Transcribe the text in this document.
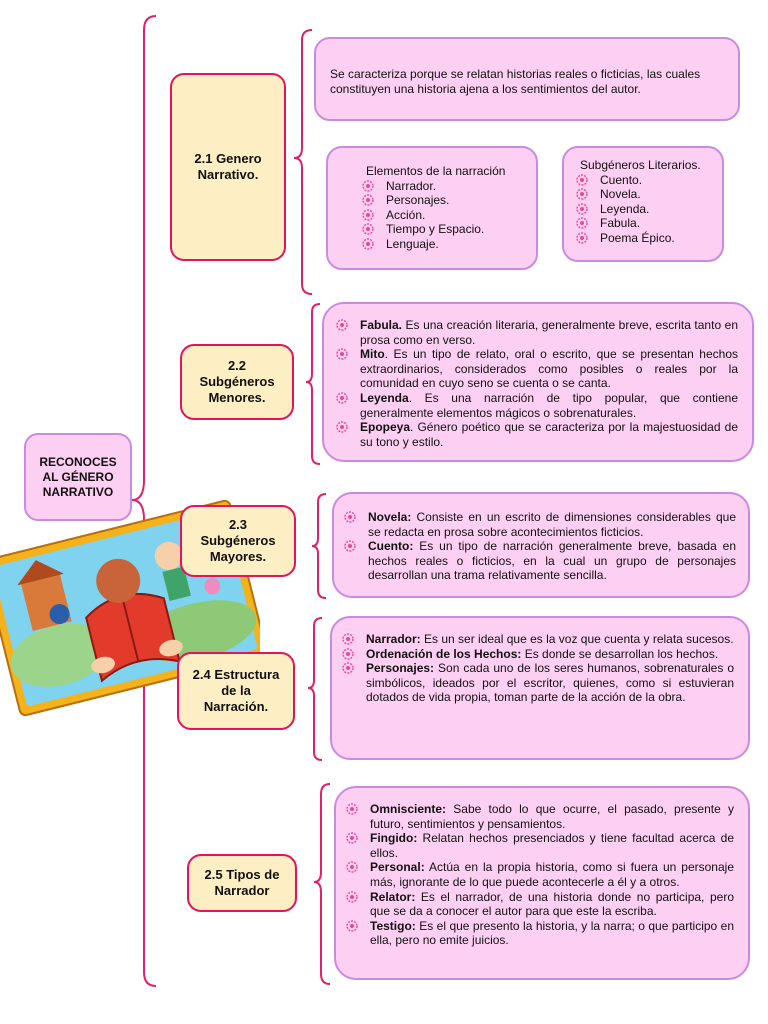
RECONOCES
AL GÉNERO
NARRATIVO
2.1 Genero Narrativo.
Se caracteriza porque se relatan historias reales o ficticias, las cuales constituyen una historia ajena a los sentimientos del autor.
Elementos de la narración
Narrador.
Personajes.
Acción.
Tiempo y Espacio.
Lenguaje.
Subgéneros Literarios.
Cuento.
Novela.
Leyenda.
Fabula.
Poema Épico.
2.2 Subgéneros Menores.
Fabula. Es una creación literaria, generalmente breve, escrita tanto en prosa como en verso.
Mito. Es un tipo de relato, oral o escrito, que se presentan hechos extraordinarios, considerados como posibles o reales por la comunidad en cuyo seno se cuenta o se canta.
Leyenda. Es una narración de tipo popular, que contiene generalmente elementos mágicos o sobrenaturales.
Epopeya. Género poético que se caracteriza por la majestuosidad de su tono y estilo.
2.3 Subgéneros Mayores.
Novela: Consiste en un escrito de dimensiones considerables que se redacta en prosa sobre acontecimientos ficticios.
Cuento: Es un tipo de narración generalmente breve, basada en hechos reales o ficticios, en la cual un grupo de personajes desarrollan una trama relativamente sencilla.
2.4 Estructura de la Narración.
Narrador: Es un ser ideal que es la voz que cuenta y relata sucesos.
Ordenación de los Hechos: Es donde se desarrollan los hechos.
Personajes: Son cada uno de los seres humanos, sobrenaturales o simbólicos, ideados por el escritor, quienes, como si estuvieran dotados de vida propia, toman parte de la acción de la obra.
2.5 Tipos de Narrador
Omnisciente: Sabe todo lo que ocurre, el pasado, presente y futuro, sentimientos y pensamientos.
Fingido: Relatan hechos presenciados y tiene facultad acerca de ellos.
Personal: Actúa en la propia historia, como si fuera un personaje más, ignorante de lo que puede acontecerle a él y a otros.
Relator: Es el narrador, de una historia donde no participa, pero que se da a conocer el autor para que este la escriba.
Testigo: Es el que presento la historia, y la narra; o que participo en ella, pero no emite juicios.
